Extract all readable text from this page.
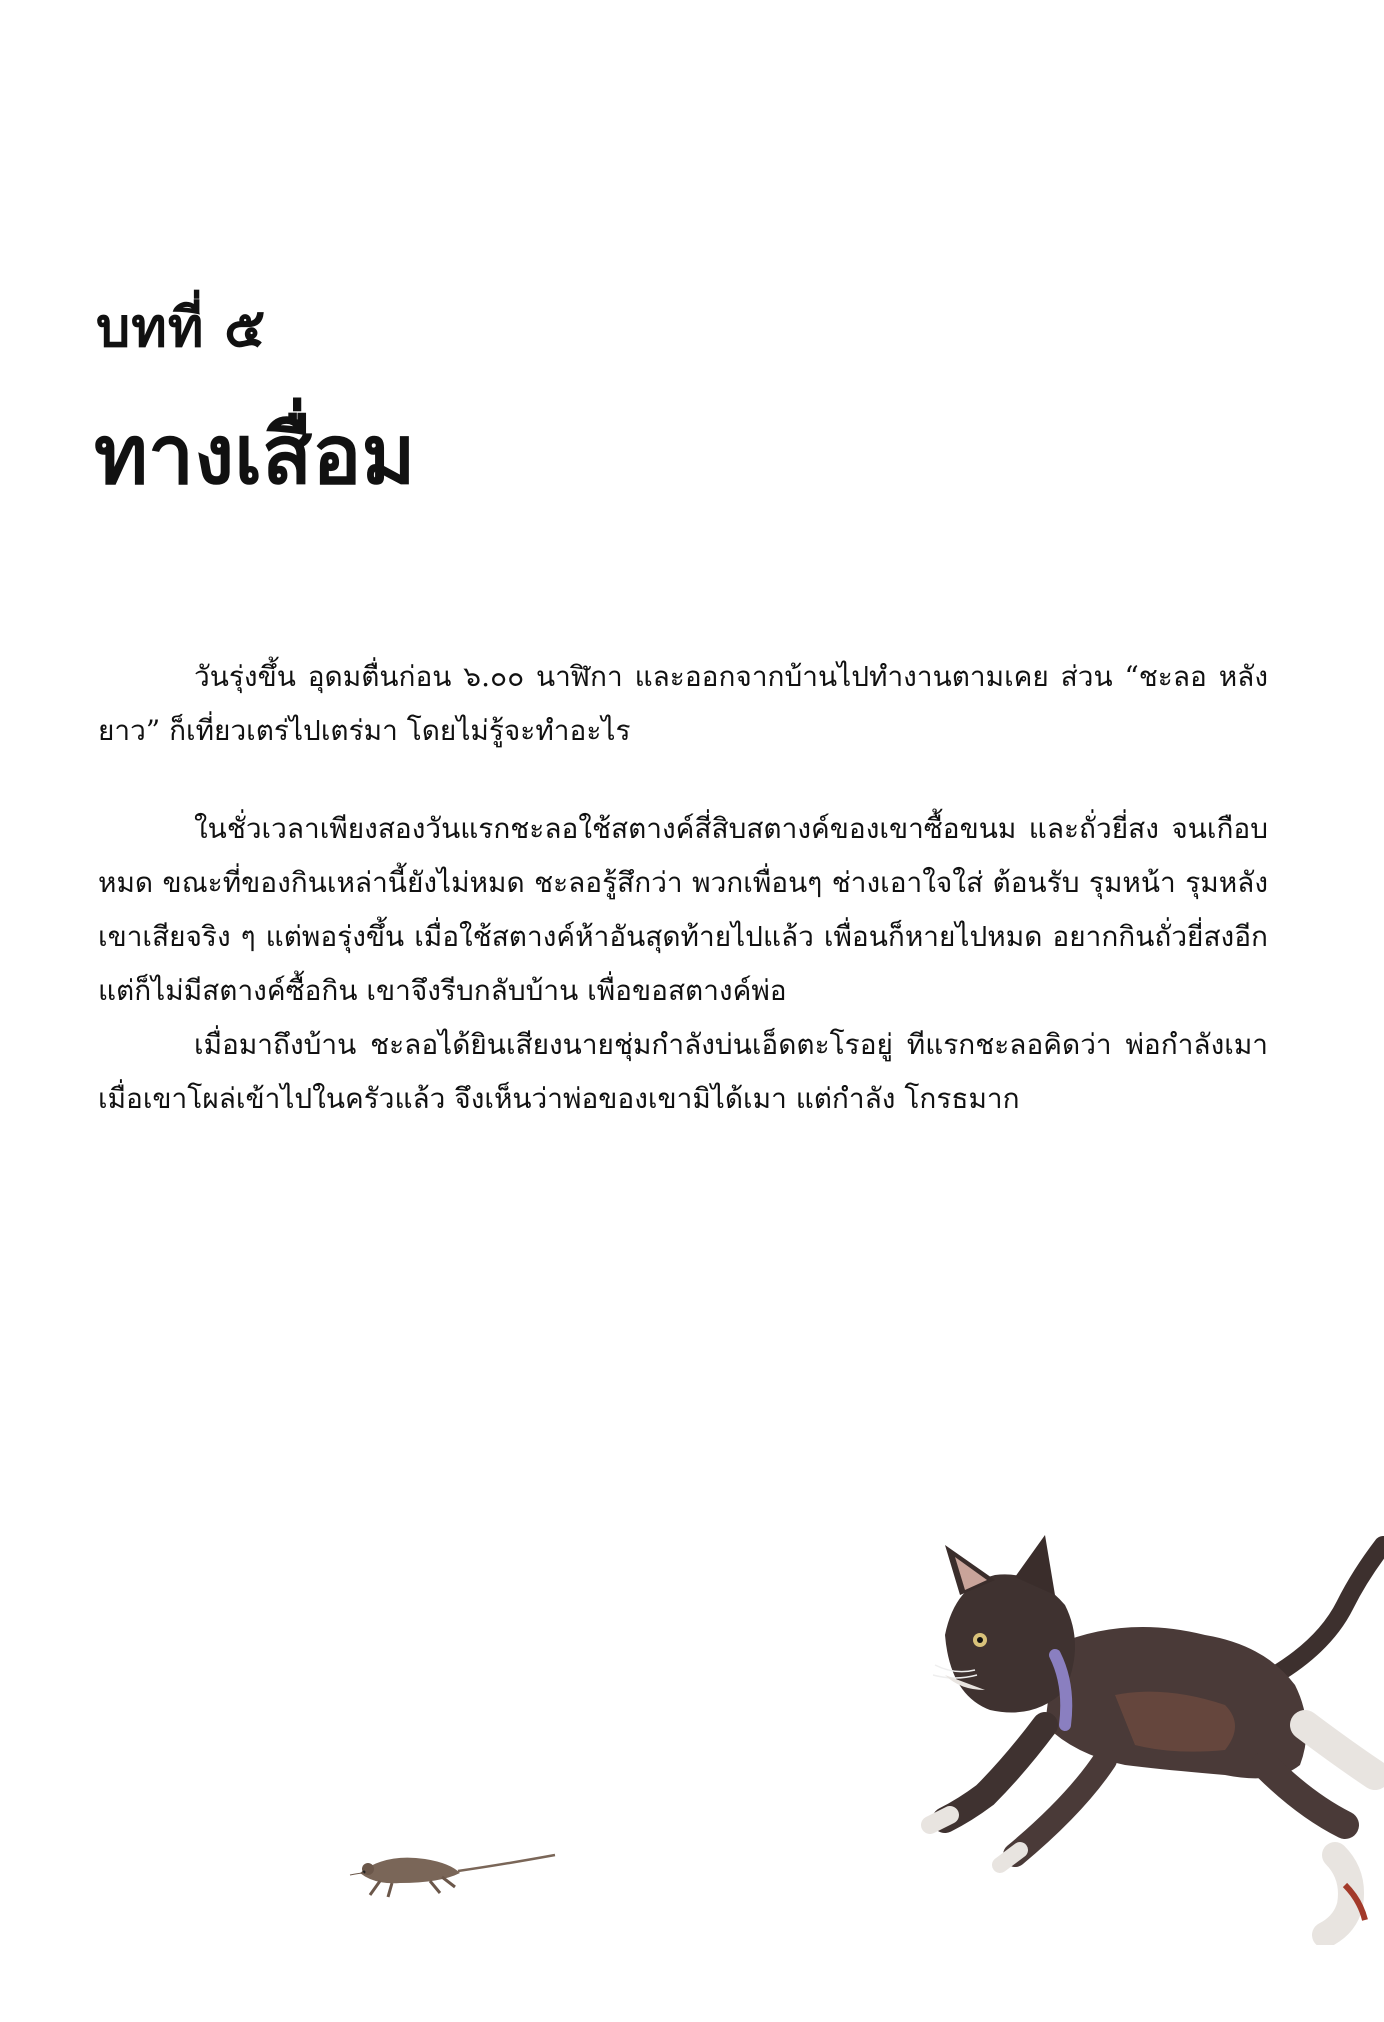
บทที่ ๕
ทางเสื่อม

วันรุ่งขึ้น อุดมตื่นก่อน ๖.๐๐ นาฬิกา และออกจากบ้านไปทำงานตามเคย ส่วน “ชะลอ หลังยาว” ก็เที่ยวเตร่ไปเตร่มา โดยไม่รู้จะทำอะไร

ในชั่วเวลาเพียงสองวันแรกชะลอใช้สตางค์สี่สิบสตางค์ของเขาซื้อขนม และถั่วยี่สง จนเกือบหมด ขณะที่ของกินเหล่านี้ยังไม่หมด ชะลอรู้สึกว่า พวกเพื่อนๆ ช่างเอาใจใส่ ต้อนรับ รุมหน้า รุมหลังเขาเสียจริง ๆ แต่พอรุ่งขึ้น เมื่อใช้สตางค์ห้าอันสุดท้ายไปแล้ว เพื่อนก็หายไปหมด อยากกินถั่วยี่สงอีก แต่ก็ไม่มีสตางค์ซื้อกิน เขาจึงรีบกลับบ้าน เพื่อขอสตางค์พ่อ

เมื่อมาถึงบ้าน ชะลอได้ยินเสียงนายชุ่มกำลังบ่นเอ็ดตะโรอยู่ ทีแรกชะลอคิดว่า พ่อกำลังเมา เมื่อเขาโผล่เข้าไปในครัวแล้ว จึงเห็นว่าพ่อของเขามิได้เมา แต่กำลัง โกรธมาก
